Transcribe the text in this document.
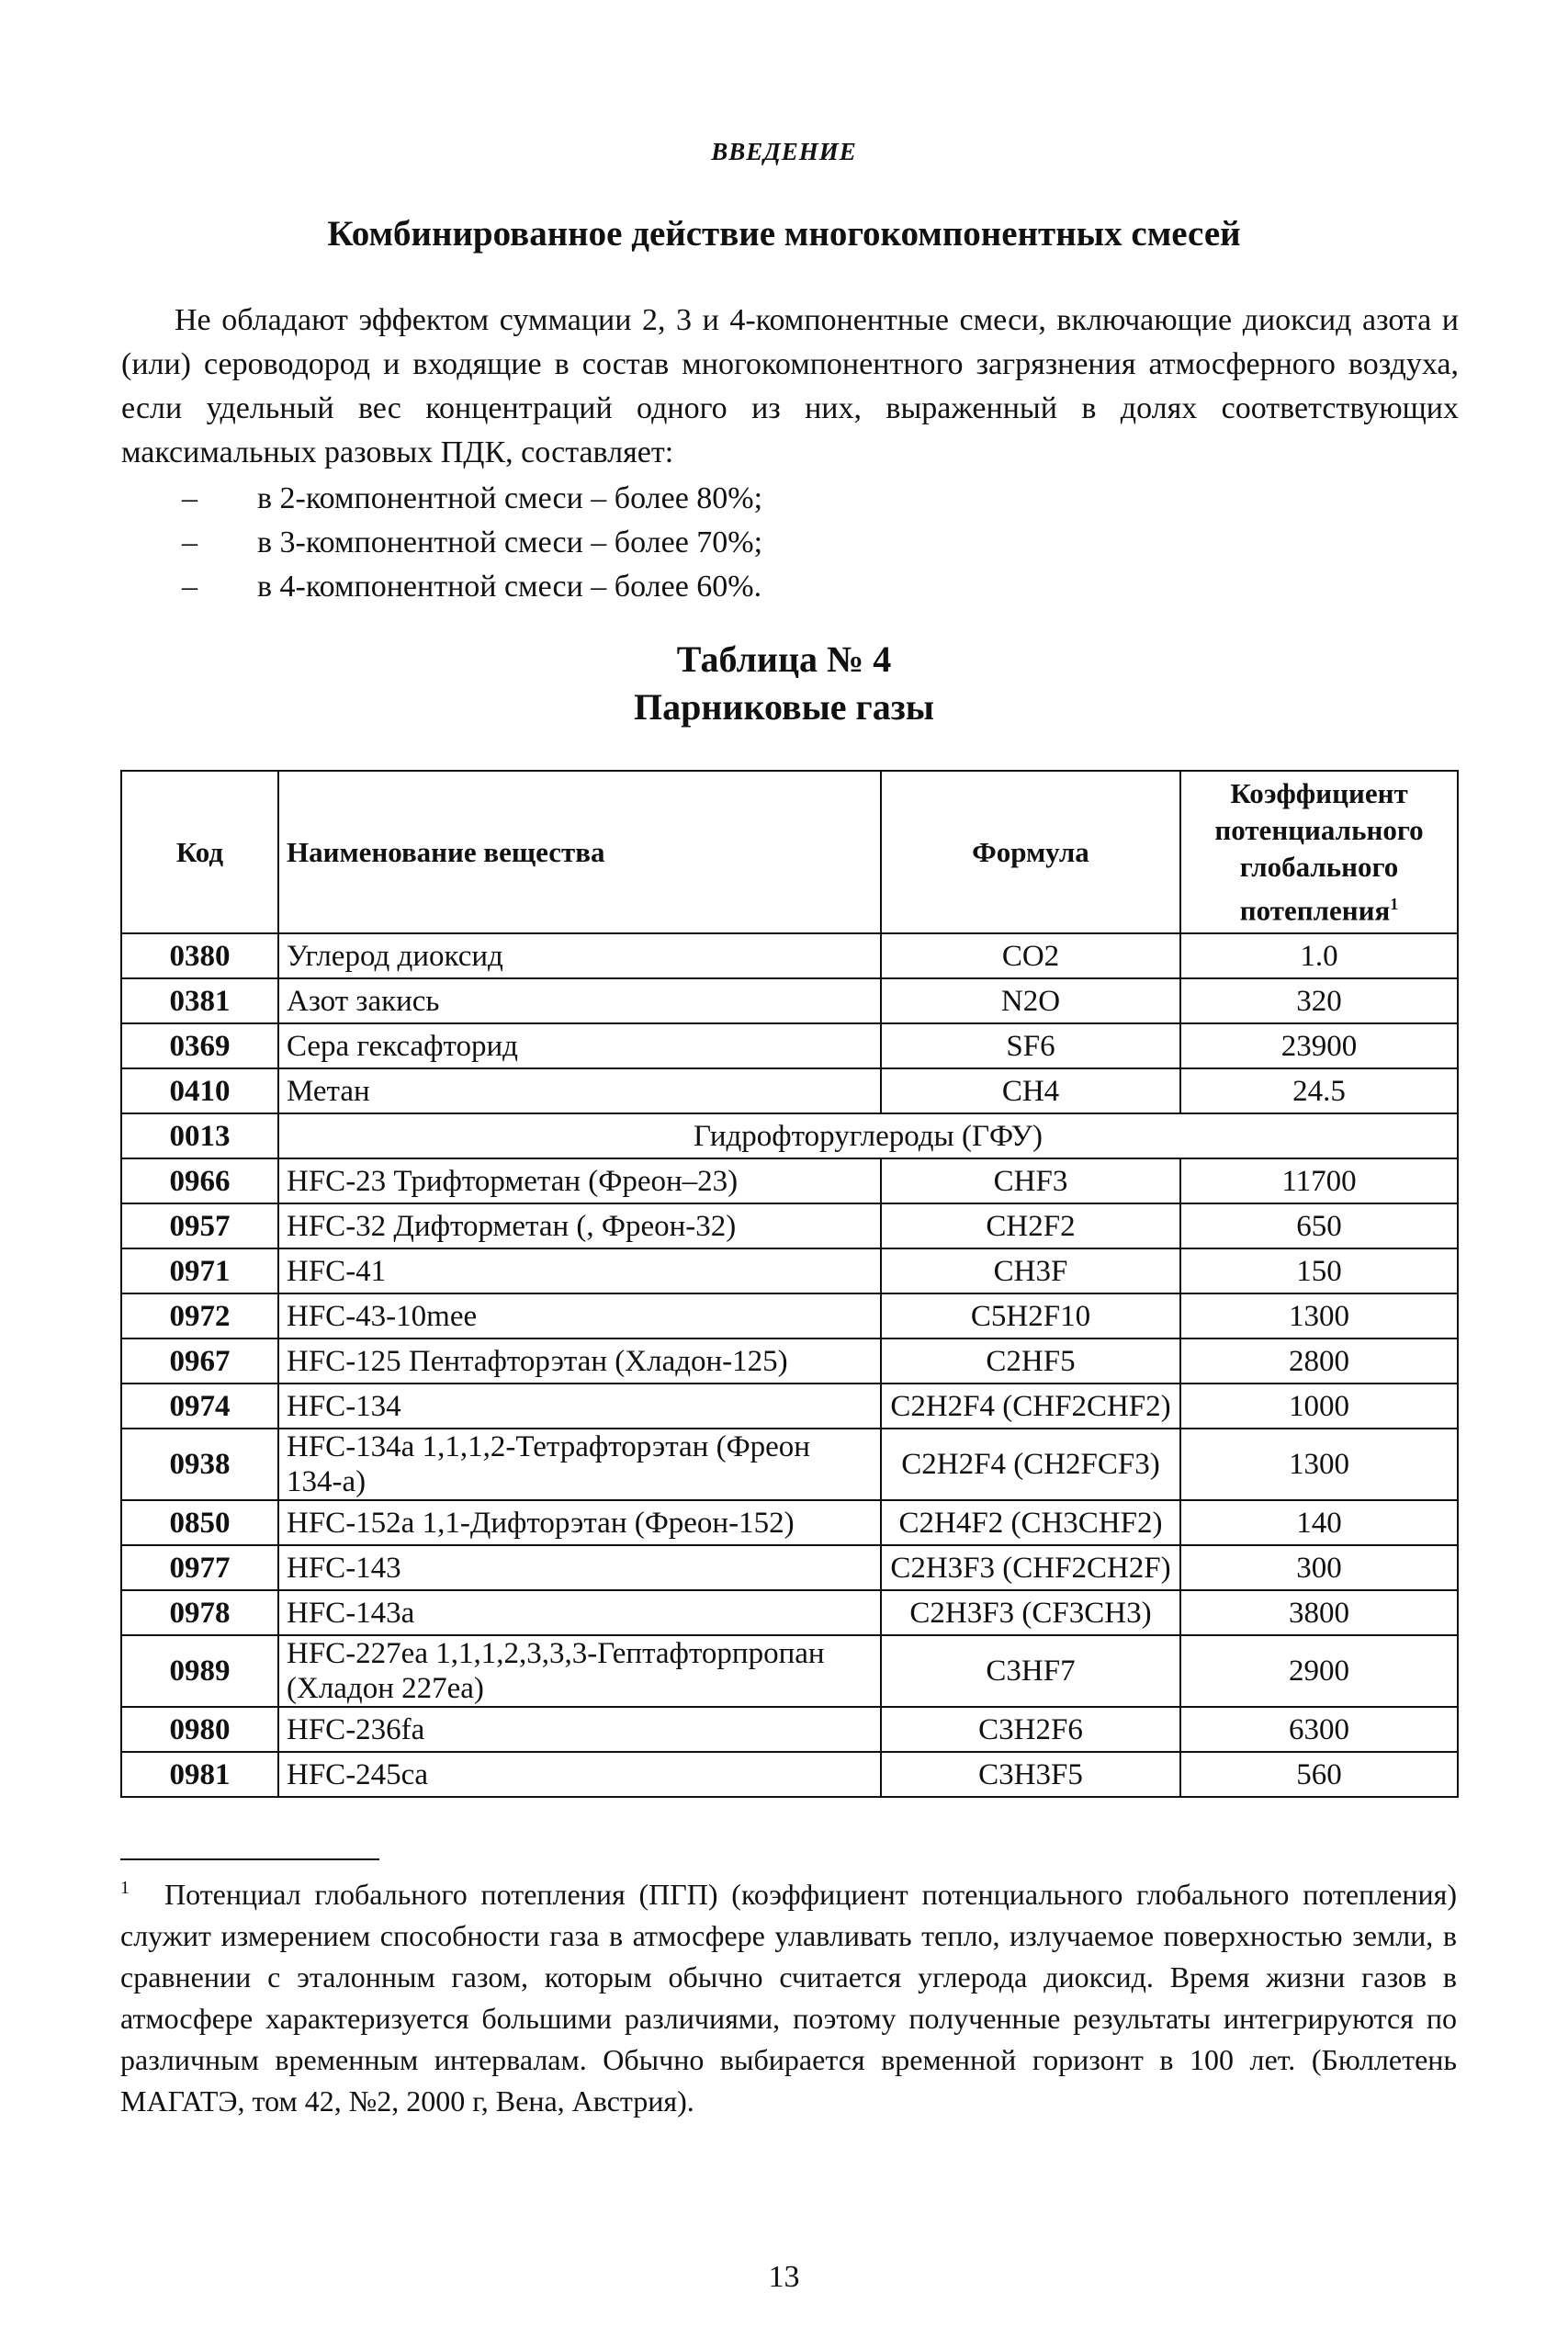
ВВЕДЕНИЕ
Комбинированное действие многокомпонентных смесей

Не обладают эффектом суммации 2, 3 и 4-компонентные смеси, включающие диоксид азота и (или) сероводород и входящие в состав многокомпонентного загрязнения атмосферного воздуха, если удельный вес концентраций одного из них, выраженный в долях соответствующих максимальных разовых ПДК, составляет:

– в 2-компонентной смеси – более 80%;
– в 3-компонентной смеси – более 70%;
– в 4-компонентной смеси – более 60%.
Таблица № 4
Парниковые газы
Код	Наименование вещества	Формула	Коэффициент потенциального глобального потепления$^1$
0380	Углерод диоксид	CO2	1.0
0381	Азот закись	N2O	320
0369	Сера гексафторид	SF6	23900
0410	Метан	CH4	24.5
0013	Гидрофторуглероды (ГФУ)		
0966	HFC-23 Трифторметан (Фреон–23)	CHF3	11700
0957	HFC-32 Дифторметан (, Фреон-32)	CH2F2	650
0971	HFC-41	CH3F	150
0972	HFC-43-10mee	C5H2F10	1300
0967	HFC-125 Пентафторэтан (Хладон-125)	C2HF5	2800
0974	HFC-134	C2H2F4 (CHF2CHF2)	1000
0938	HFC-134a 1,1,1,2-Тетрафторэтан (Фреон 134-а)	C2H2F4 (CH2FCF3)	1300
0850	HFC-152a 1,1-Дифторэтан (Фреон-152)	C2H4F2 (CH3CHF2)	140
0977	HFC-143	C2H3F3 (CHF2CH2F)	300
0978	HFC-143a	C2H3F3 (CF3CH3)	3800
0989	HFC-227ea 1,1,1,2,3,3,3-Гептафторпропан (Хладон 227ea)	C3HF7	2900
0980	HFC-236fa	C3H2F6	6300
0981	HFC-245ca	C3H3F5	560

$^1$ Потенциал глобального потепления (ПГП) (коэффициент потенциального глобального потепления) служит измерением способности газа в атмосфере улавливать тепло, излучаемое поверхностью земли, в сравнении с эталонным газом, которым обычно считается углерода диоксид. Время жизни газов в атмосфере характеризуется большими различиями, поэтому полученные результаты интегрируются по различным временным интервалам. Обычно выбирается временной горизонт в 100 лет. (Бюллетень МАГАТЭ, том 42, №2, 2000 г, Вена, Австрия).

13
